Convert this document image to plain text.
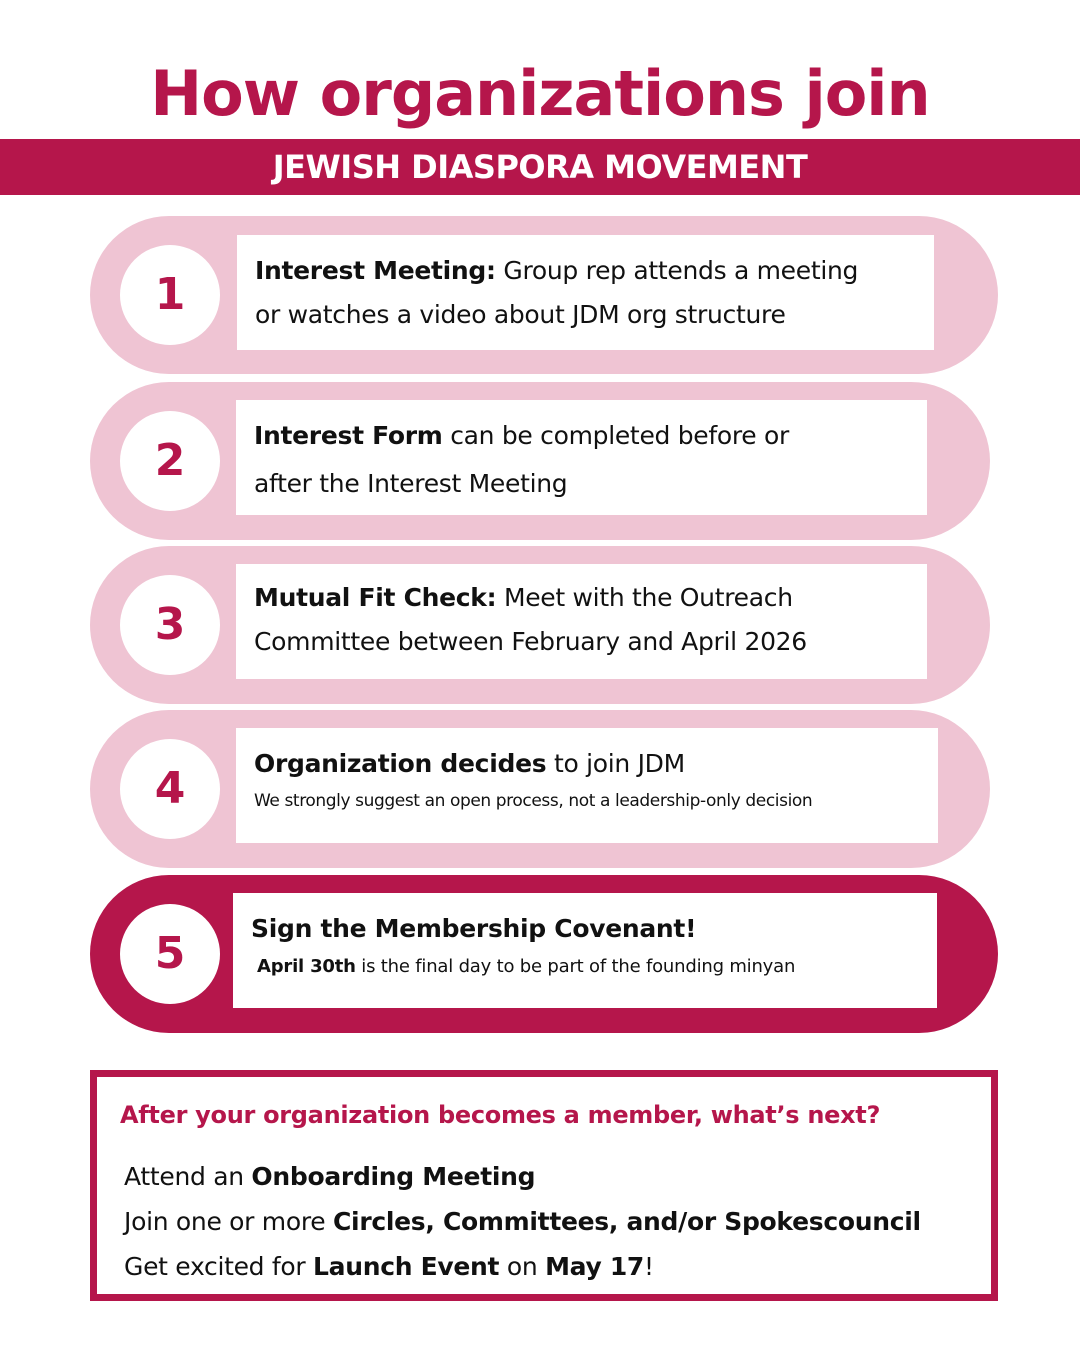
How organizations join
JEWISH DIASPORA MOVEMENT
1	Interest Meeting: Group rep attends a meeting
or watches a video about JDM org structure
2	Interest Form can be completed before or
after the Interest Meeting
3
Mutual Fit Check: Meet with the Outreach
Committee between February and April 2026
4	Organization decides to join JDM
We strongly suggest an open process, not a leadership-only decision
5	Sign the Membership Covenant!
April 30th is the final day to be part of the founding minyan
After your organization becomes a member, what’s next?
Attend an Onboarding Meeting
Join one or more Circles, Committees, and/or Spokescouncil
Get excited for Launch Event on May 17!
